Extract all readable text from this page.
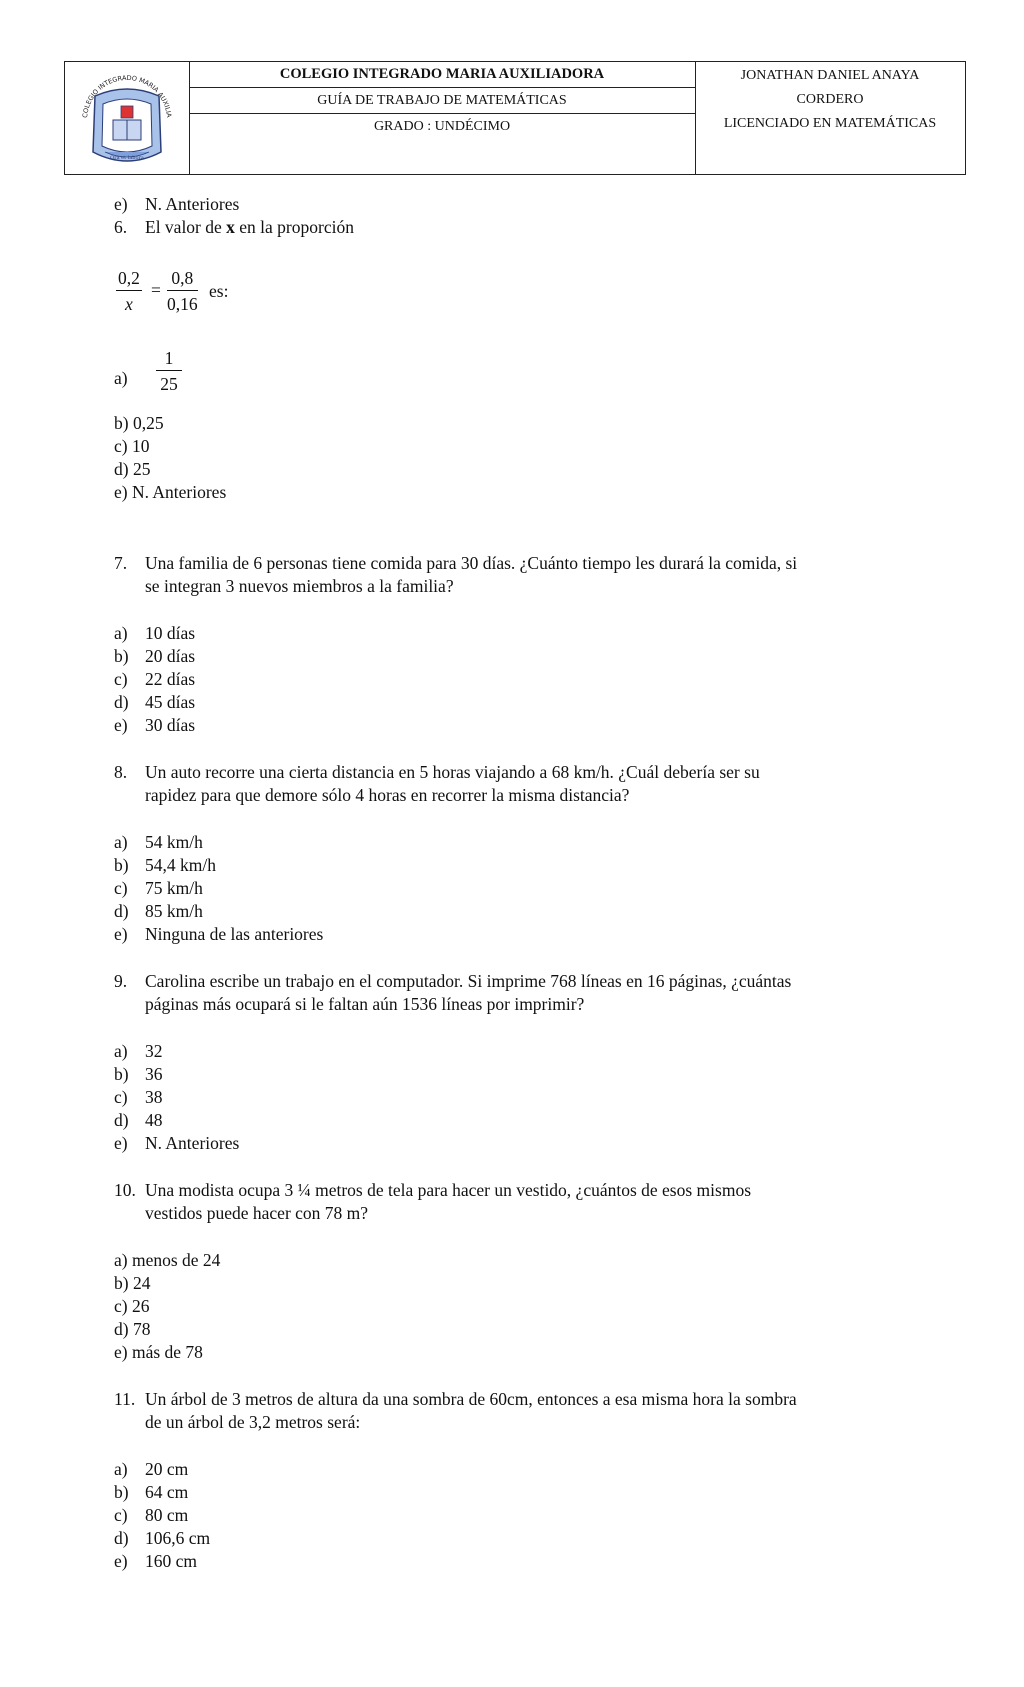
COLEGIO INTEGRADO MARIA AUXILIA
Ora et labora
COLEGIO INTEGRADO MARIA AUXILIADORA
GUÍA DE TRABAJO DE MATEMÁTICAS
GRADO : UNDÉCIMO
JONATHAN DANIEL ANAYA
CORDERO
LICENCIADO EN MATEMÁTICAS
e) N. Anteriores
6. El valor de x en la proporción
$\frac{0,2}{x} = \frac{0,8}{0,16}$ es:
$a) \frac{1}{25}$
b) 0,25
c) 10
d) 25
e) N. Anteriores
7. Una familia de 6 personas tiene comida para 30 días. ¿Cuánto tiempo les durará la comida, si
se integran 3 nuevos miembros a la familia?
a) 10 días
b) 20 días
c) 22 días
d) 45 días
e) 30 días
8. Un auto recorre una cierta distancia en 5 horas viajando a 68 km/h. ¿Cuál debería ser su
rapidez para que demore sólo 4 horas en recorrer la misma distancia?
a) 54 km/h
b) 54,4 km/h
c) 75 km/h
d) 85 km/h
e) Ninguna de las anteriores
9. Carolina escribe un trabajo en el computador. Si imprime 768 líneas en 16 páginas, ¿cuántas
páginas más ocupará si le faltan aún 1536 líneas por imprimir?
a) 32
b) 36
c) 38
d) 48
e) N. Anteriores
10. Una modista ocupa 3 ¼ metros de tela para hacer un vestido, ¿cuántos de esos mismos
vestidos puede hacer con 78 m?
a) menos de 24
b) 24
c) 26
d) 78
e) más de 78
11. Un árbol de 3 metros de altura da una sombra de 60cm, entonces a esa misma hora la sombra
de un árbol de 3,2 metros será:
a) 20 cm
b) 64 cm
c) 80 cm
d) 106,6 cm
e) 160 cm
